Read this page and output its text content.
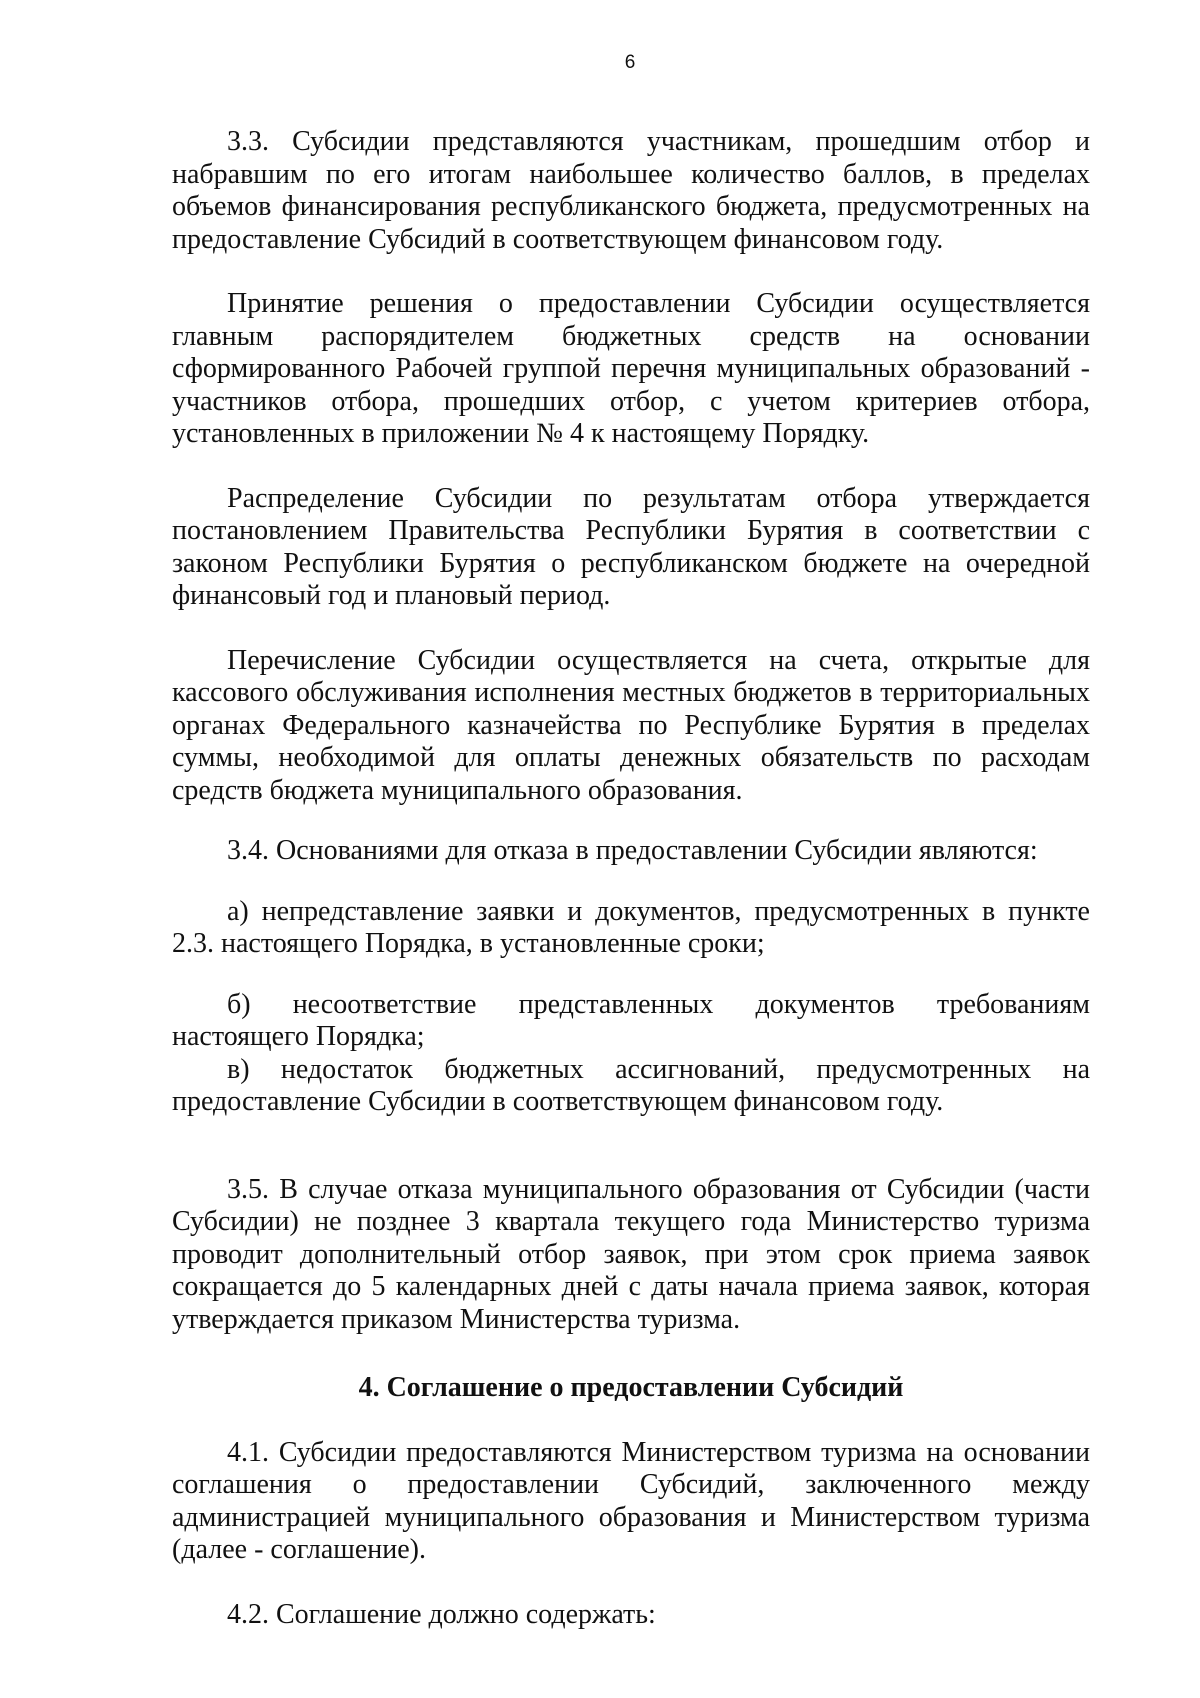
6

3.3. Субсидии представляются участникам, прошедшим отбор и набравшим по его итогам наибольшее количество баллов, в пределах объемов финансирования республиканского бюджета, предусмотренных на предоставление Субсидий в соответствующем финансовом году.

Принятие решения о предоставлении Субсидии осуществляется главным распорядителем бюджетных средств на основании сформированного Рабочей группой перечня муниципальных образований - участников отбора, прошедших отбор, с учетом критериев отбора, установленных в приложении № 4 к настоящему Порядку.

Распределение Субсидии по результатам отбора утверждается постановлением Правительства Республики Бурятия в соответствии с законом Республики Бурятия о республиканском бюджете на очередной финансовый год и плановый период.

Перечисление Субсидии осуществляется на счета, открытые для кассового обслуживания исполнения местных бюджетов в территориальных органах Федерального казначейства по Республике Бурятия в пределах суммы, необходимой для оплаты денежных обязательств по расходам средств бюджета муниципального образования.

3.4. Основаниями для отказа в предоставлении Субсидии являются:

а) непредставление заявки и документов, предусмотренных в пункте 2.3. настоящего Порядка, в установленные сроки;

б) несоответствие представленных документов требованиям настоящего Порядка;

в) недостаток бюджетных ассигнований, предусмотренных на предоставление Субсидии в соответствующем финансовом году.

3.5. В случае отказа муниципального образования от Субсидии (части Субсидии) не позднее 3 квартала текущего года Министерство туризма проводит дополнительный отбор заявок, при этом срок приема заявок сокращается до 5 календарных дней с даты начала приема заявок, которая утверждается приказом Министерства туризма.

4. Соглашение о предоставлении Субсидий

4.1. Субсидии предоставляются Министерством туризма на основании соглашения о предоставлении Субсидий, заключенного между администрацией муниципального образования и Министерством туризма (далее - соглашение).

4.2. Соглашение должно содержать:
